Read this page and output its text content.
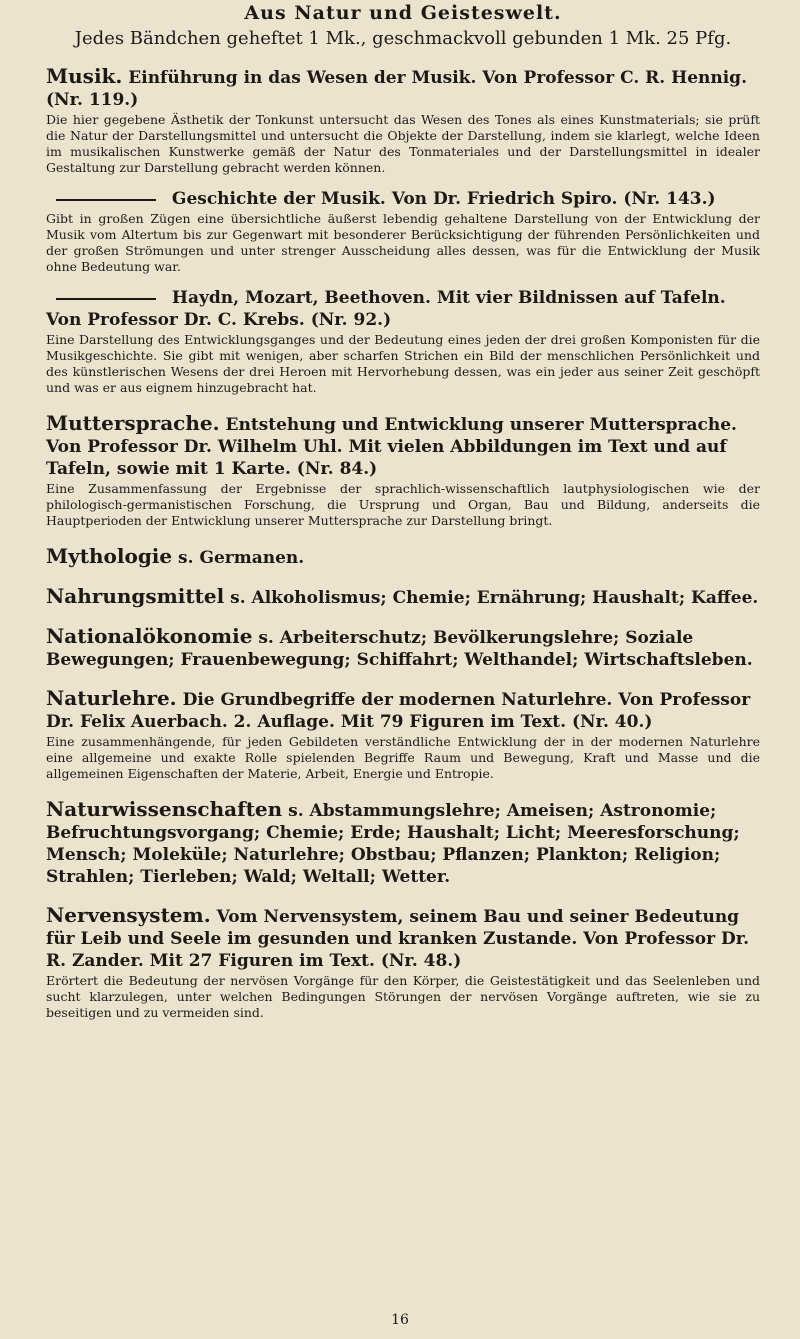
Aus Natur und Geisteswelt.
Jedes Bändchen geheftet 1 Mk., geschmackvoll gebunden 1 Mk. 25 Pfg.
Musik. Einführung in das Wesen der Musik. Von Professor C. R. Hennig. (Nr. 119.)
Die hier gegebene Ästhetik der Tonkunst untersucht das Wesen des Tones als eines Kunstmaterials; sie prüft die Natur der Darstellungsmittel und untersucht die Objekte der Darstellung, indem sie klarlegt, welche Ideen im musikalischen Kunstwerke gemäß der Natur des Tonmateriales und der Darstellungsmittel in idealer Gestaltung zur Darstellung gebracht werden können.
Geschichte der Musik. Von Dr. Friedrich Spiro. (Nr. 143.)
Gibt in großen Zügen eine übersichtliche äußerst lebendig gehaltene Darstellung von der Entwicklung der Musik vom Altertum bis zur Gegenwart mit besonderer Berücksichtigung der führenden Persönlichkeiten und der großen Strömungen und unter strenger Ausscheidung alles dessen, was für die Entwicklung der Musik ohne Bedeutung war.
Haydn, Mozart, Beethoven. Mit vier Bildnissen auf Tafeln. Von Professor Dr. C. Krebs. (Nr. 92.)
Eine Darstellung des Entwicklungsganges und der Bedeutung eines jeden der drei großen Komponisten für die Musikgeschichte. Sie gibt mit wenigen, aber scharfen Strichen ein Bild der menschlichen Persönlichkeit und des künstlerischen Wesens der drei Heroen mit Hervorhebung dessen, was ein jeder aus seiner Zeit geschöpft und was er aus eignem hinzugebracht hat.
Muttersprache. Entstehung und Entwicklung unserer Muttersprache. Von Professor Dr. Wilhelm Uhl. Mit vielen Abbildungen im Text und auf Tafeln, sowie mit 1 Karte. (Nr. 84.)
Eine Zusammenfassung der Ergebnisse der sprachlich-wissenschaftlich lautphysiologischen wie der philologisch-germanistischen Forschung, die Ursprung und Organ, Bau und Bildung, anderseits die Hauptperioden der Entwicklung unserer Muttersprache zur Darstellung bringt.
Mythologie s. Germanen.
Nahrungsmittel s. Alkoholismus; Chemie; Ernährung; Haushalt; Kaffee.
Nationalökonomie s. Arbeiterschutz; Bevölkerungslehre; Soziale Bewegungen; Frauenbewegung; Schiffahrt; Welthandel; Wirtschaftsleben.
Naturlehre. Die Grundbegriffe der modernen Naturlehre. Von Professor Dr. Felix Auerbach. 2. Auflage. Mit 79 Figuren im Text. (Nr. 40.)
Eine zusammenhängende, für jeden Gebildeten verständliche Entwicklung der in der modernen Naturlehre eine allgemeine und exakte Rolle spielenden Begriffe Raum und Bewegung, Kraft und Masse und die allgemeinen Eigenschaften der Materie, Arbeit, Energie und Entropie.
Naturwissenschaften s. Abstammungslehre; Ameisen; Astronomie; Befruchtungsvorgang; Chemie; Erde; Haushalt; Licht; Meeresforschung; Mensch; Moleküle; Naturlehre; Obstbau; Pflanzen; Plankton; Religion; Strahlen; Tierleben; Wald; Weltall; Wetter.
Nervensystem. Vom Nervensystem, seinem Bau und seiner Bedeutung für Leib und Seele im gesunden und kranken Zustande. Von Professor Dr. R. Zander. Mit 27 Figuren im Text. (Nr. 48.)
Erörtert die Bedeutung der nervösen Vorgänge für den Körper, die Geistestätigkeit und das Seelenleben und sucht klarzulegen, unter welchen Bedingungen Störungen der nervösen Vorgänge auftreten, wie sie zu beseitigen und zu vermeiden sind.
16
